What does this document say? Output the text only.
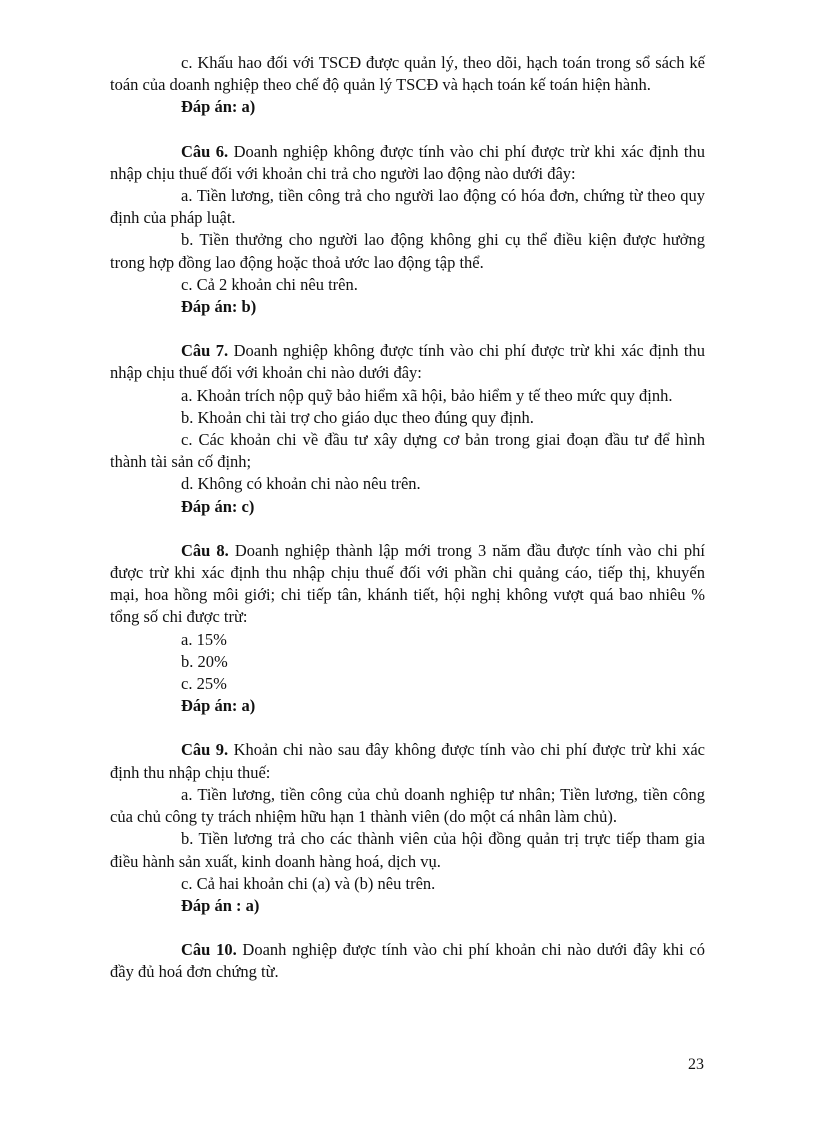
c. Khấu hao đối với TSCĐ được quản lý, theo dõi, hạch toán trong sổ sách kế toán của doanh nghiệp theo chế độ quản lý TSCĐ và hạch toán kế toán hiện hành.

Đáp án: a)

Câu 6. Doanh nghiệp không được tính vào chi phí được trừ khi xác định thu nhập chịu thuế đối với khoản chi trả cho người lao động nào dưới đây:

a. Tiền lương, tiền công trả cho người lao động có hóa đơn, chứng từ theo quy định của pháp luật.

b. Tiền thưởng cho người lao động không ghi cụ thể điều kiện được hưởng trong hợp đồng lao động hoặc thoả ước lao động tập thể.

c. Cả 2 khoản chi nêu trên.

Đáp án: b)

Câu 7. Doanh nghiệp không được tính vào chi phí được trừ khi xác định thu nhập chịu thuế đối với khoản chi nào dưới đây:

a. Khoản trích nộp quỹ bảo hiểm xã hội, bảo hiểm y tế theo mức quy định.

b. Khoản chi tài trợ cho giáo dục theo đúng quy định.

c. Các khoản chi về đầu tư xây dựng cơ bản trong giai đoạn đầu tư để hình thành tài sản cố định;

d. Không có khoản chi nào nêu trên.

Đáp án: c)

Câu 8. Doanh nghiệp thành lập mới trong 3 năm đầu được tính vào chi phí được trừ khi xác định thu nhập chịu thuế đối với phần chi quảng cáo, tiếp thị, khuyến mại, hoa hồng môi giới; chi tiếp tân, khánh tiết, hội nghị không vượt quá bao nhiêu % tổng số chi được trừ:

a. 15%
b. 20%
c. 25%

Đáp án: a)

Câu 9. Khoản chi nào sau đây không được tính vào chi phí được trừ khi xác định thu nhập chịu thuế:

a. Tiền lương, tiền công của chủ doanh nghiệp tư nhân; Tiền lương, tiền công của chủ công ty trách nhiệm hữu hạn 1 thành viên (do một cá nhân làm chủ).

b. Tiền lương trả cho các thành viên của hội đồng quản trị trực tiếp tham gia điều hành sản xuất, kinh doanh hàng hoá, dịch vụ.

c. Cả hai khoản chi (a) và (b) nêu trên.

Đáp án : a)

Câu 10. Doanh nghiệp được tính vào chi phí khoản chi nào dưới đây khi có đầy đủ hoá đơn chứng từ.

23
